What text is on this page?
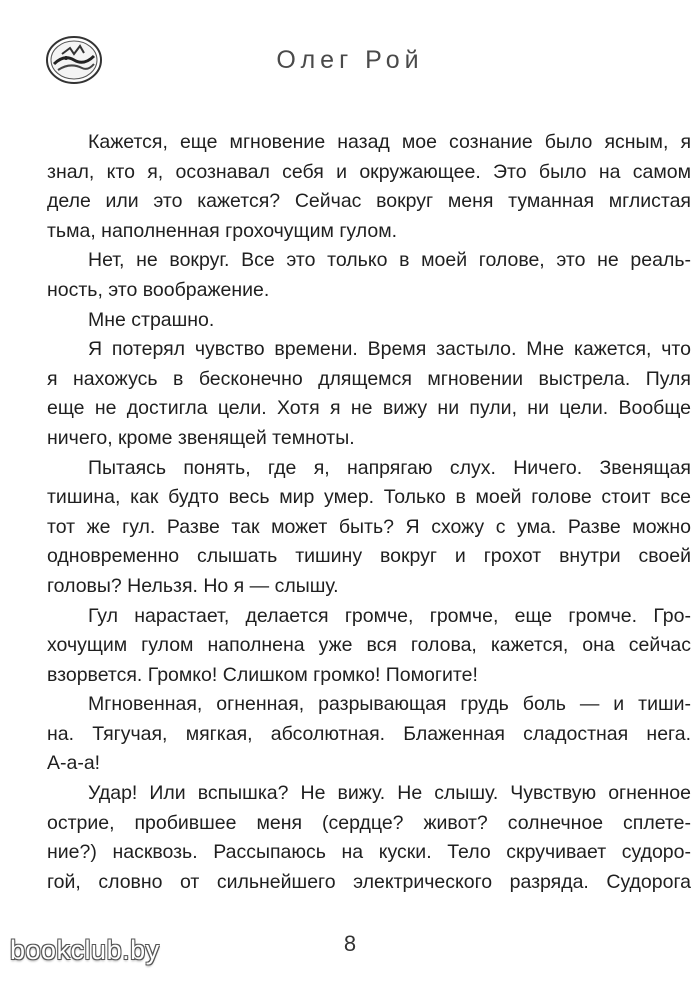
Олег Рой

Кажется, еще мгновение назад мое сознание было ясным, я
знал, кто я, осознавал себя и окружающее. Это было на самом
деле или это кажется? Сейчас вокруг меня туманная мглистая
тьма, наполненная грохочущим гулом.

Нет, не вокруг. Все это только в моей голове, это не реаль-
ность, это воображение.

Мне страшно.

Я потерял чувство времени. Время застыло. Мне кажется, что
я нахожусь в бесконечно длящемся мгновении выстрела. Пуля
еще не достигла цели. Хотя я не вижу ни пули, ни цели. Вообще
ничего, кроме звенящей темноты.

Пытаясь понять, где я, напрягаю слух. Ничего. Звенящая
тишина, как будто весь мир умер. Только в моей голове стоит все
тот же гул. Разве так может быть? Я схожу с ума. Разве можно
одновременно слышать тишину вокруг и грохот внутри своей
головы? Нельзя. Но я — слышу.

Гул нарастает, делается громче, громче, еще громче. Гро-
хочущим гулом наполнена уже вся голова, кажется, она сейчас
взорвется. Громко! Слишком громко! Помогите!

Мгновенная, огненная, разрывающая грудь боль — и тиши-
на. Тягучая, мягкая, абсолютная. Блаженная сладостная нега.
А-а-а!

Удар! Или вспышка? Не вижу. Не слышу. Чувствую огненное
острие, пробившее меня (сердце? живот? солнечное сплете-
ние?) насквозь. Рассыпаюсь на куски. Тело скручивает судоро-
гой, словно от сильнейшего электрического разряда. Судорога

8
bookclub.by
